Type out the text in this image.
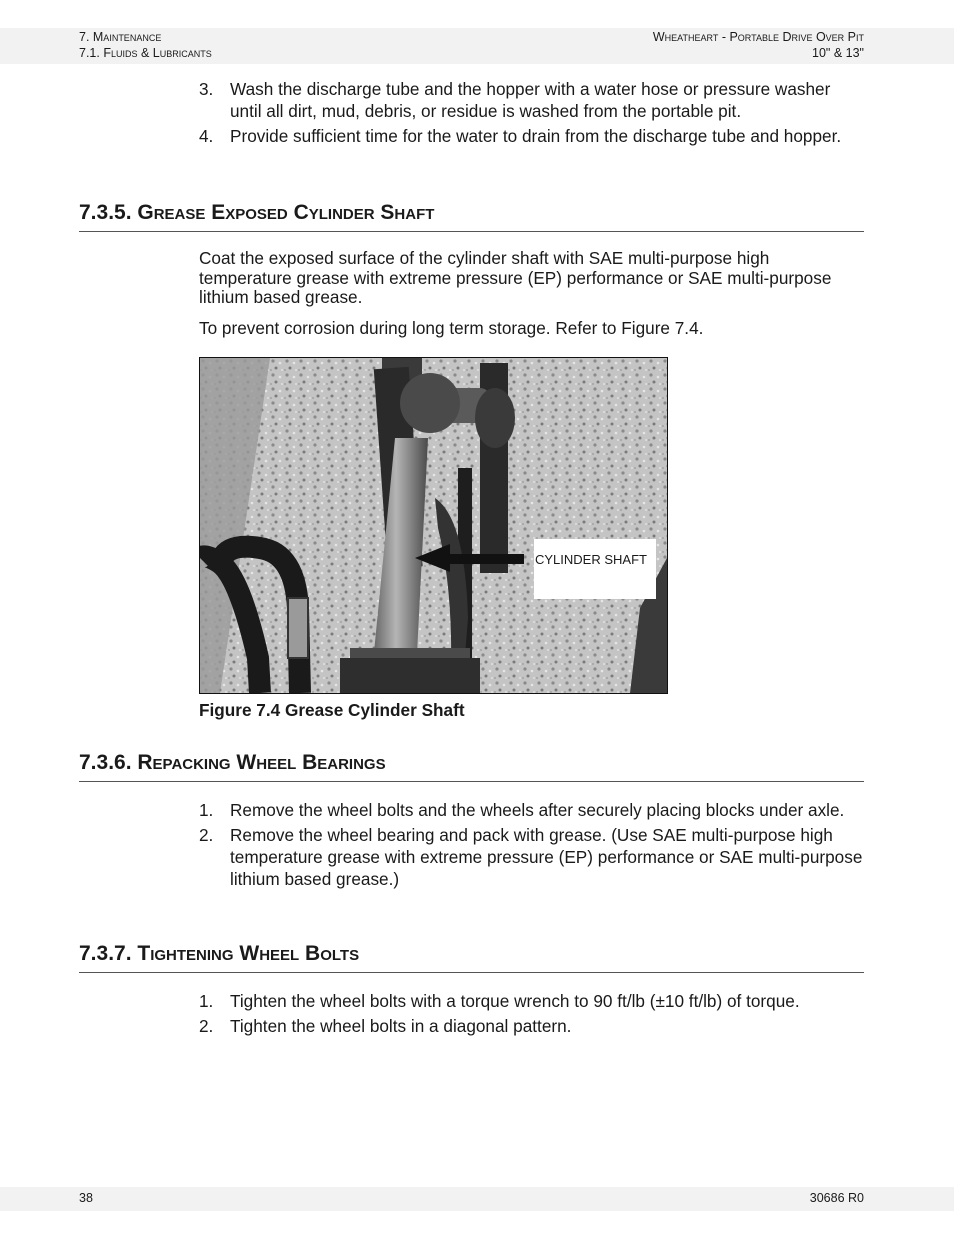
7. Maintenance
7.1. Fluids & Lubricants
Wheatheart - Portable Drive Over Pit
10" & 13"
3. Wash the discharge tube and the hopper with a water hose or pressure washer until all dirt, mud, debris, or residue is washed from the portable pit.
4. Provide sufficient time for the water to drain from the discharge tube and hopper.
7.3.5. Grease Exposed Cylinder Shaft

Coat the exposed surface of the cylinder shaft with SAE multi-purpose high temperature grease with extreme pressure (EP) performance or SAE multi-purpose lithium based grease.

To prevent corrosion during long term storage. Refer to Figure 7.4.

CYLINDER SHAFT
Figure 7.4 Grease Cylinder Shaft
7.3.6. Repacking Wheel Bearings
1. Remove the wheel bolts and the wheels after securely placing blocks under axle.
2. Remove the wheel bearing and pack with grease. (Use SAE multi-purpose high temperature grease with extreme pressure (EP) performance or SAE multi-purpose lithium based grease.)
7.3.7. Tightening Wheel Bolts
1. Tighten the wheel bolts with a torque wrench to 90 ft/lb (±10 ft/lb) of torque.
2. Tighten the wheel bolts in a diagonal pattern.
38	30686 R0
